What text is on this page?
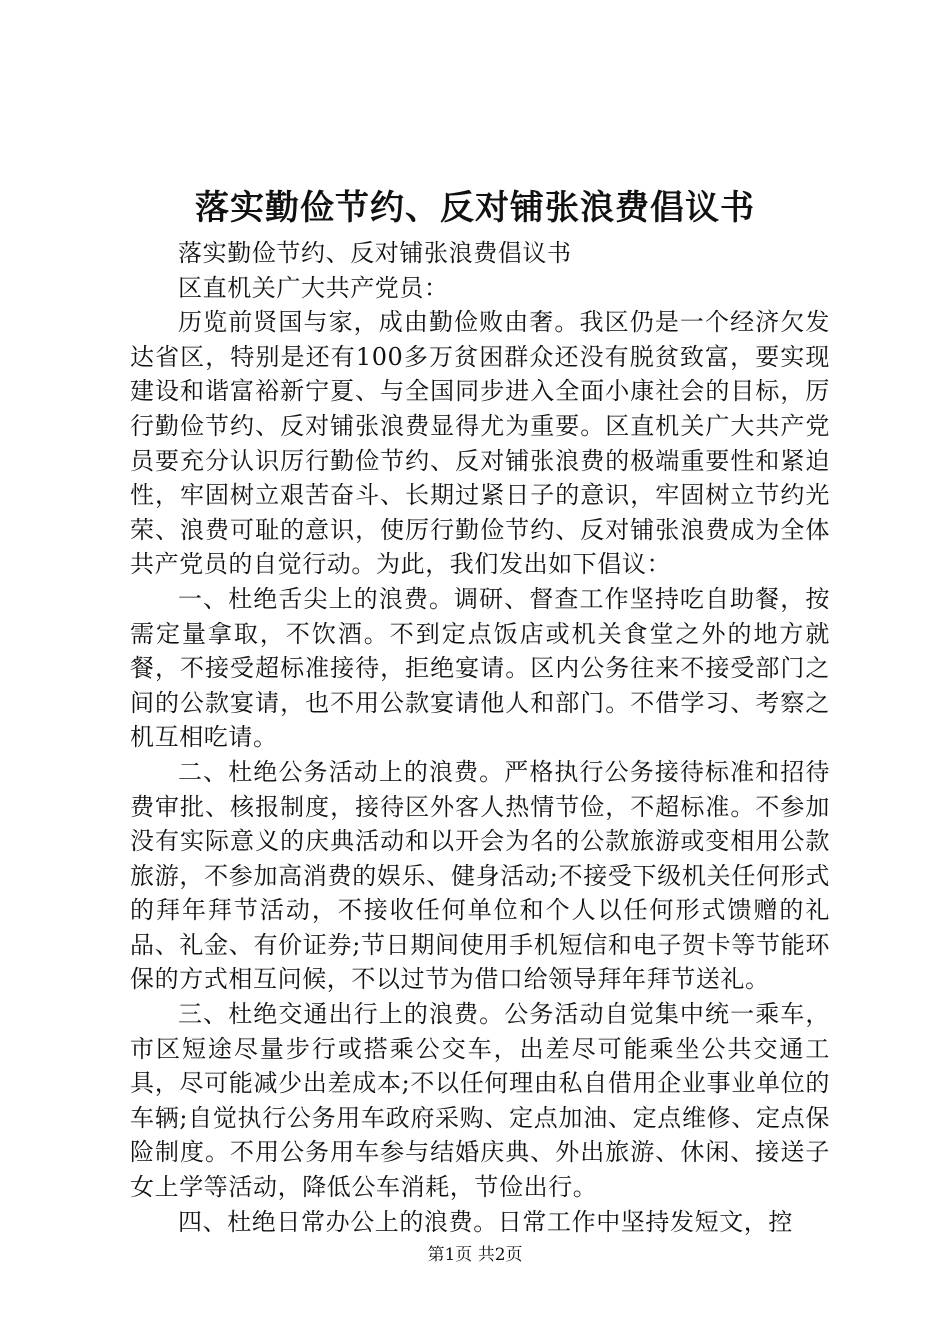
落实勤俭节约、反对铺张浪费倡议书

落实勤俭节约、反对铺张浪费倡议书

区直机关广大共产党员：

历览前贤国与家，成由勤俭败由奢。我区仍是一个经济欠发达省区，特别是还有100多万贫困群众还没有脱贫致富，要实现建设和谐富裕新宁夏、与全国同步进入全面小康社会的目标，厉行勤俭节约、反对铺张浪费显得尤为重要。区直机关广大共产党员要充分认识厉行勤俭节约、反对铺张浪费的极端重要性和紧迫性，牢固树立艰苦奋斗、长期过紧日子的意识，牢固树立节约光荣、浪费可耻的意识，使厉行勤俭节约、反对铺张浪费成为全体共产党员的自觉行动。为此，我们发出如下倡议：

一、杜绝舌尖上的浪费。调研、督查工作坚持吃自助餐，按需定量拿取，不饮酒。不到定点饭店或机关食堂之外的地方就餐，不接受超标准接待，拒绝宴请。区内公务往来不接受部门之间的公款宴请，也不用公款宴请他人和部门。不借学习、考察之机互相吃请。

二、杜绝公务活动上的浪费。严格执行公务接待标准和招待费审批、核报制度，接待区外客人热情节俭，不超标准。不参加没有实际意义的庆典活动和以开会为名的公款旅游或变相用公款旅游，不参加高消费的娱乐、健身活动;不接受下级机关任何形式的拜年拜节活动，不接收任何单位和个人以任何形式馈赠的礼品、礼金、有价证券;节日期间使用手机短信和电子贺卡等节能环保的方式相互问候，不以过节为借口给领导拜年拜节送礼。

三、杜绝交通出行上的浪费。公务活动自觉集中统一乘车，市区短途尽量步行或搭乘公交车，出差尽可能乘坐公共交通工具，尽可能减少出差成本;不以任何理由私自借用企业事业单位的车辆;自觉执行公务用车政府采购、定点加油、定点维修、定点保险制度。不用公务用车参与结婚庆典、外出旅游、休闲、接送子女上学等活动，降低公车消耗，节俭出行。

四、杜绝日常办公上的浪费。日常工作中坚持发短文，控

第1页 共2页
